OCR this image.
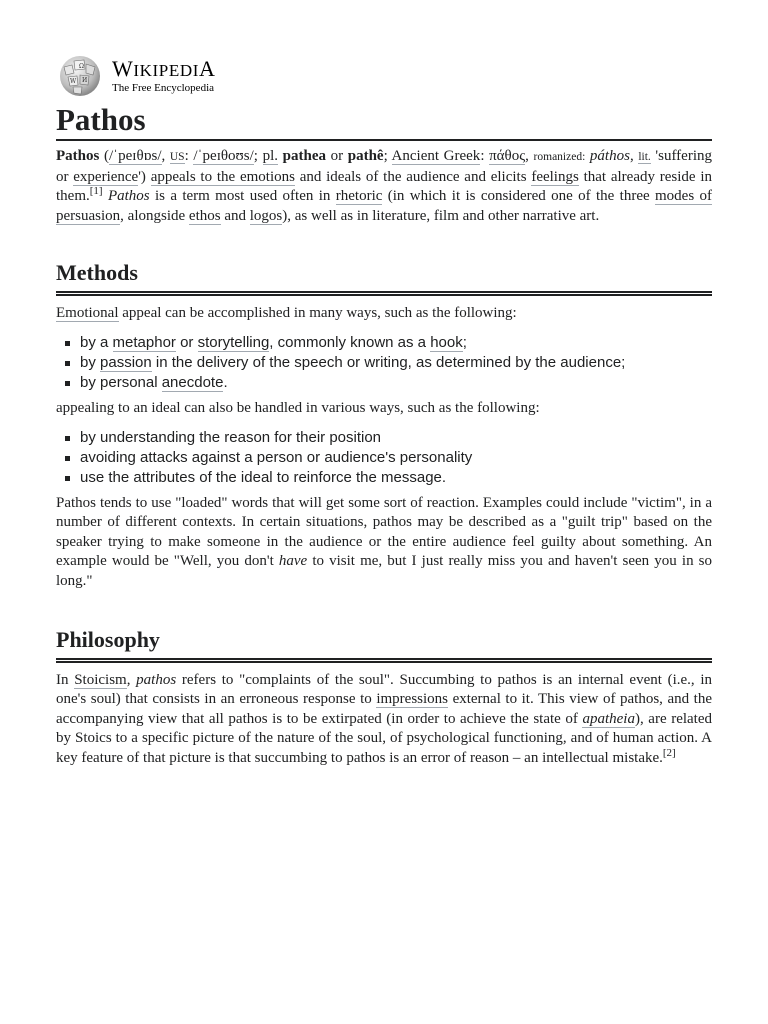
Ω
W И WIKIPEDIA
The Free Encyclopedia
Pathos

Pathos (/ˈpeɪθɒs/, US: /ˈpeɪθoʊs/; pl. pathea or pathê; Ancient Greek: πάθος, romanized: páthos, lit. 'suffering or experience') appeals to the emotions and ideals of the audience and elicits feelings that already reside in them.[1] Pathos is a term most used often in rhetoric (in which it is considered one of the three modes of persuasion, alongside ethos and logos), as well as in literature, film and other narrative art.

Methods

Emotional appeal can be accomplished in many ways, such as the following:

by a metaphor or storytelling, commonly known as a hook;
by passion in the delivery of the speech or writing, as determined by the audience;
by personal anecdote.

appealing to an ideal can also be handled in various ways, such as the following:

by understanding the reason for their position
avoiding attacks against a person or audience's personality
use the attributes of the ideal to reinforce the message.

Pathos tends to use "loaded" words that will get some sort of reaction. Examples could include "victim", in a number of different contexts. In certain situations, pathos may be described as a "guilt trip" based on the speaker trying to make someone in the audience or the entire audience feel guilty about something. An example would be "Well, you don't have to visit me, but I just really miss you and haven't seen you in so long."

Philosophy

In Stoicism, pathos refers to "complaints of the soul". Succumbing to pathos is an internal event (i.e., in one's soul) that consists in an erroneous response to impressions external to it. This view of pathos, and the accompanying view that all pathos is to be extirpated (in order to achieve the state of apatheia), are related by Stoics to a specific picture of the nature of the soul, of psychological functioning, and of human action. A key feature of that picture is that succumbing to pathos is an error of reason – an intellectual mistake.[2]
